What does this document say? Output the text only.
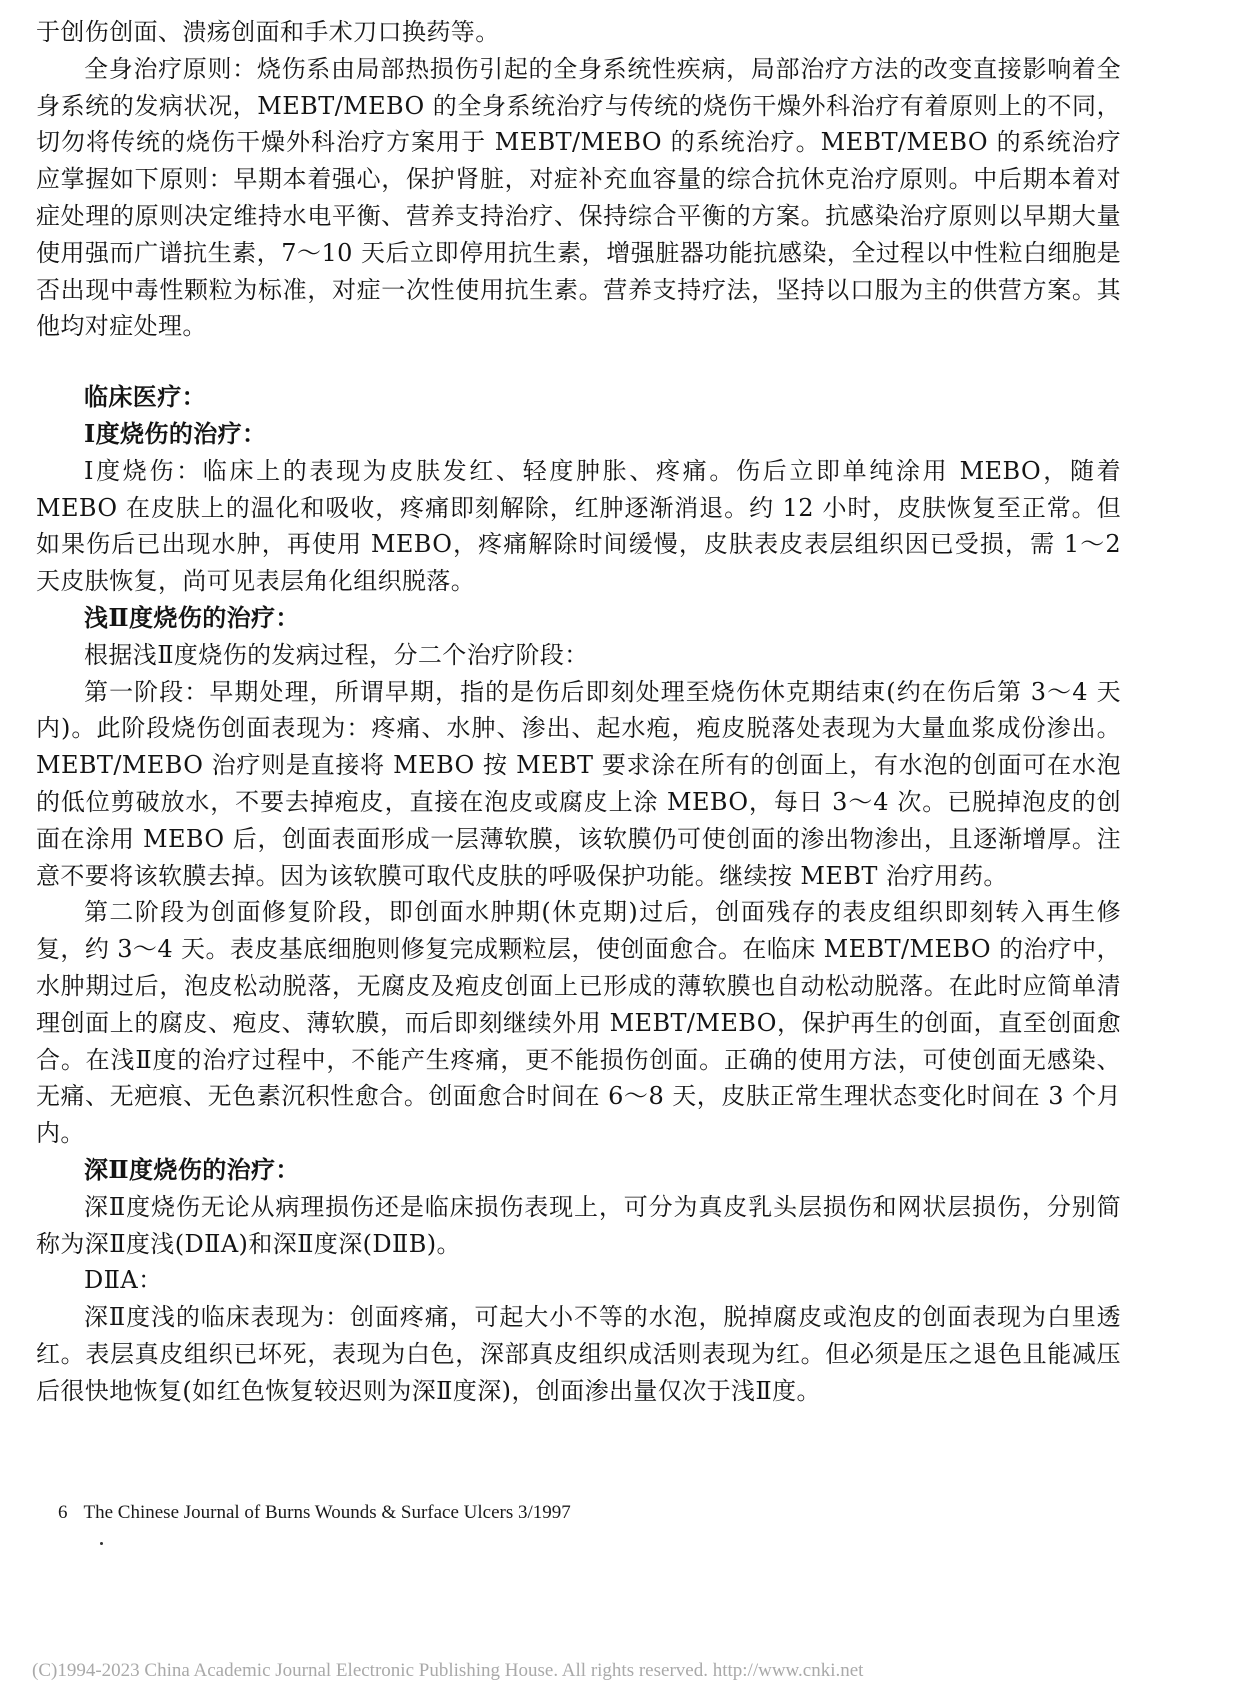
于创伤创面、溃疡创面和手术刀口换药等。

全身治疗原则：烧伤系由局部热损伤引起的全身系统性疾病，局部治疗方法的改变直接影响着全身系统的发病状况，MEBT/MEBO 的全身系统治疗与传统的烧伤干燥外科治疗有着原则上的不同，切勿将传统的烧伤干燥外科治疗方案用于 MEBT/MEBO 的系统治疗。MEBT/MEBO 的系统治疗应掌握如下原则：早期本着强心，保护肾脏，对症补充血容量的综合抗休克治疗原则。中后期本着对症处理的原则决定维持水电平衡、营养支持治疗、保持综合平衡的方案。抗感染治疗原则以早期大量使用强而广谱抗生素，7～10 天后立即停用抗生素，增强脏器功能抗感染，全过程以中性粒白细胞是否出现中毒性颗粒为标准，对症一次性使用抗生素。营养支持疗法，坚持以口服为主的供营方案。其他均对症处理。

临床医疗：

Ⅰ度烧伤的治疗：

Ⅰ度烧伤：临床上的表现为皮肤发红、轻度肿胀、疼痛。伤后立即单纯涂用 MEBO，随着 MEBO 在皮肤上的温化和吸收，疼痛即刻解除，红肿逐渐消退。约 12 小时，皮肤恢复至正常。但如果伤后已出现水肿，再使用 MEBO，疼痛解除时间缓慢，皮肤表皮表层组织因已受损，需 1～2 天皮肤恢复，尚可见表层角化组织脱落。

浅Ⅱ度烧伤的治疗：

根据浅Ⅱ度烧伤的发病过程，分二个治疗阶段：

第一阶段：早期处理，所谓早期，指的是伤后即刻处理至烧伤休克期结束(约在伤后第 3～4 天内)。此阶段烧伤创面表现为：疼痛、水肿、渗出、起水疱，疱皮脱落处表现为大量血浆成份渗出。MEBT/MEBO 治疗则是直接将 MEBO 按 MEBT 要求涂在所有的创面上，有水泡的创面可在水泡的低位剪破放水，不要去掉疱皮，直接在泡皮或腐皮上涂 MEBO，每日 3～4 次。已脱掉泡皮的创面在涂用 MEBO 后，创面表面形成一层薄软膜，该软膜仍可使创面的渗出物渗出，且逐渐增厚。注意不要将该软膜去掉。因为该软膜可取代皮肤的呼吸保护功能。继续按 MEBT 治疗用药。

第二阶段为创面修复阶段，即创面水肿期(休克期)过后，创面残存的表皮组织即刻转入再生修复，约 3～4 天。表皮基底细胞则修复完成颗粒层，使创面愈合。在临床 MEBT/MEBO 的治疗中，水肿期过后，泡皮松动脱落，无腐皮及疱皮创面上已形成的薄软膜也自动松动脱落。在此时应简单清理创面上的腐皮、疱皮、薄软膜，而后即刻继续外用 MEBT/MEBO，保护再生的创面，直至创面愈合。在浅Ⅱ度的治疗过程中，不能产生疼痛，更不能损伤创面。正确的使用方法，可使创面无感染、无痛、无疤痕、无色素沉积性愈合。创面愈合时间在 6～8 天，皮肤正常生理状态变化时间在 3 个月内。

深Ⅱ度烧伤的治疗：

深Ⅱ度烧伤无论从病理损伤还是临床损伤表现上，可分为真皮乳头层损伤和网状层损伤，分别简称为深Ⅱ度浅(DⅡA)和深Ⅱ度深(DⅡB)。

DⅡA：

深Ⅱ度浅的临床表现为：创面疼痛，可起大小不等的水泡，脱掉腐皮或泡皮的创面表现为白里透红。表层真皮组织已坏死，表现为白色，深部真皮组织成活则表现为红。但必须是压之退色且能减压后很快地恢复(如红色恢复较迟则为深Ⅱ度深)，创面渗出量仅次于浅Ⅱ度。

6 The Chinese Journal of Burns Wounds & Surface Ulcers 3/1997
(C)1994-2023 China Academic Journal Electronic Publishing House. All rights reserved. http://www.cnki.net
